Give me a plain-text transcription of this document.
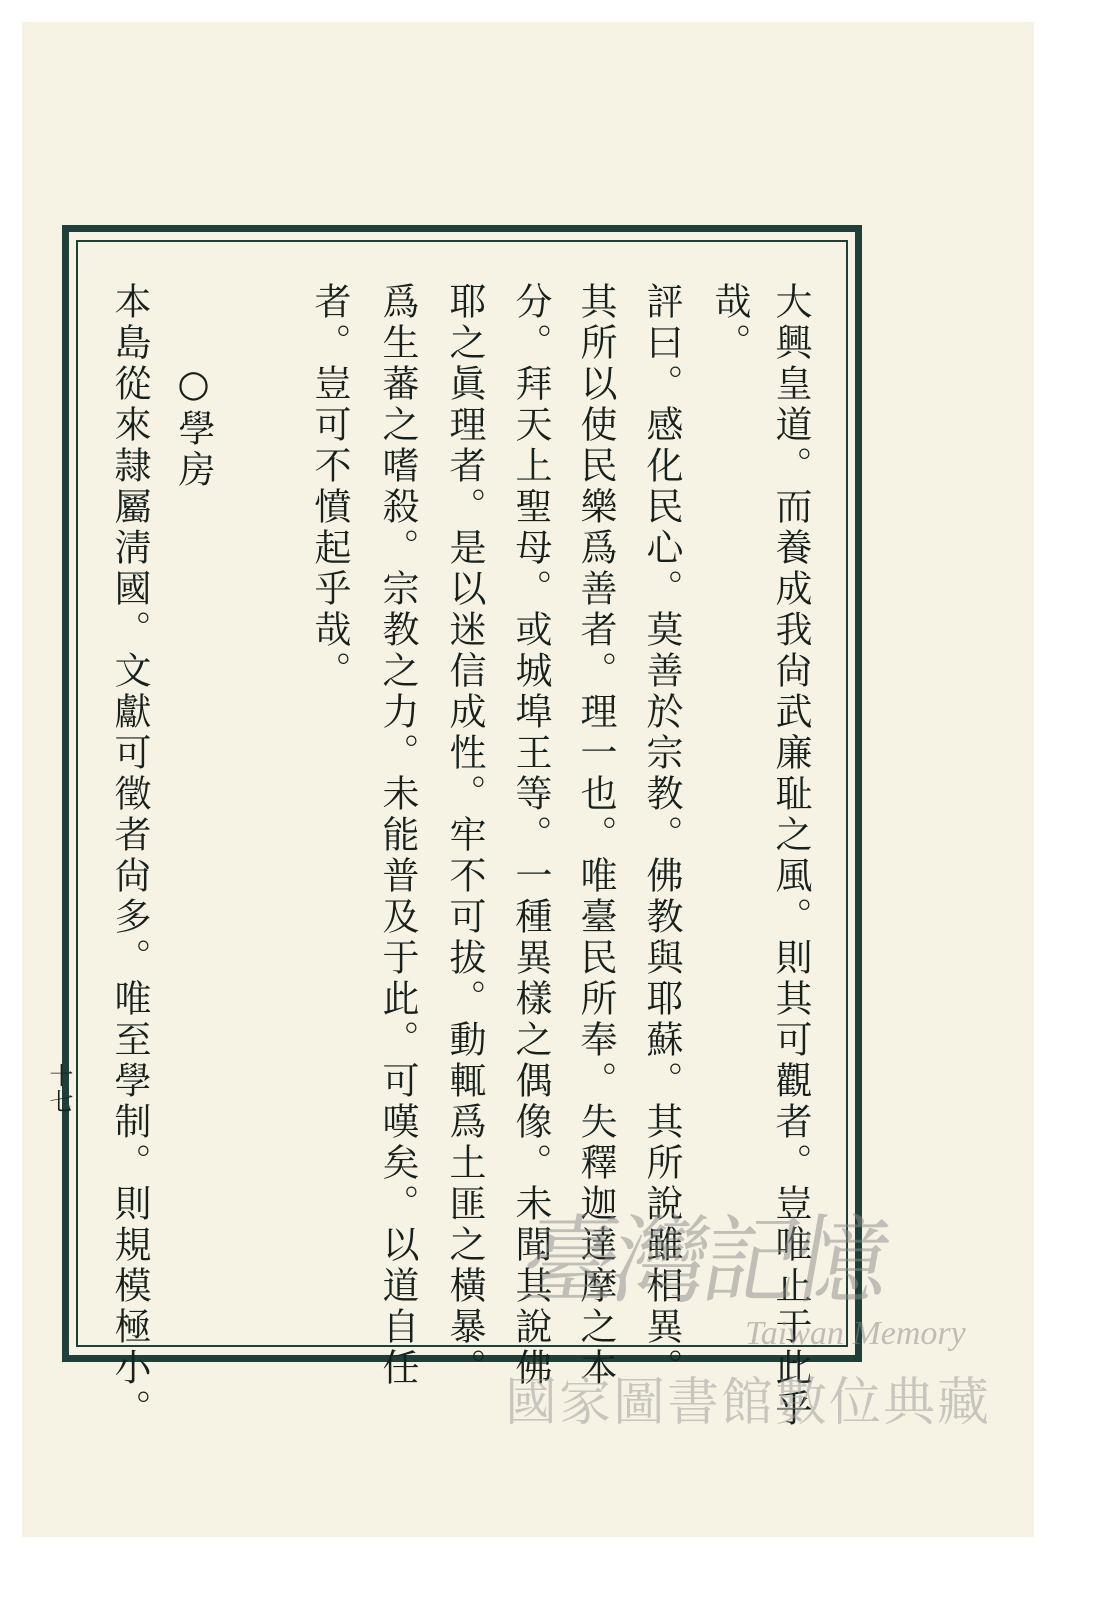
大興皇道。而養成我尙武廉耻之風。則其可觀者。豈唯止于此乎
哉。
評曰。感化民心。莫善於宗教。佛教與耶蘇。其所說雖相異。
其所以使民樂爲善者。理一也。唯臺民所奉。失釋迦達摩之本
分。拜天上聖母。或城埠王等。一種異樣之偶像。未聞其說佛
耶之眞理者。是以迷信成性。牢不可拔。動輒爲土匪之橫暴。
爲生蕃之嗜殺。宗教之力。未能普及于此。可嘆矣。以道自任
者。豈可不憤起乎哉。
○學房
本島從來隷屬淸國。文獻可徵者尙多。唯至學制。則規模極小。
十七
臺灣記憶
Taiwan Memory
國家圖書館數位典藏
